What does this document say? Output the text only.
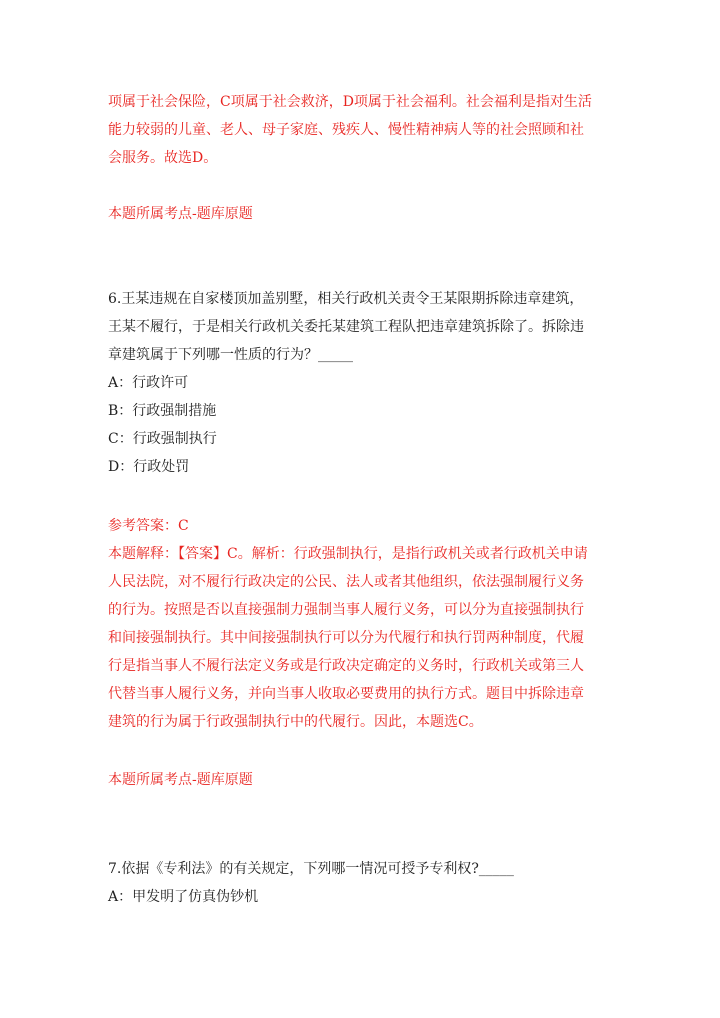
项属于社会保险，C项属于社会救济，D项属于社会福利。社会福利是指对生活
能力较弱的儿童、老人、母子家庭、残疾人、慢性精神病人等的社会照顾和社
会服务。故选D。
本题所属考点-题库原题
6.王某违规在自家楼顶加盖别墅，相关行政机关责令王某限期拆除违章建筑，
王某不履行，于是相关行政机关委托某建筑工程队把违章建筑拆除了。拆除违
章建筑属于下列哪一性质的行为？_____
A：行政许可
B：行政强制措施
C：行政强制执行
D：行政处罚
参考答案：C
本题解释：【答案】C。解析：行政强制执行，是指行政机关或者行政机关申请
人民法院，对不履行行政决定的公民、法人或者其他组织，依法强制履行义务
的行为。按照是否以直接强制力强制当事人履行义务，可以分为直接强制执行
和间接强制执行。其中间接强制执行可以分为代履行和执行罚两种制度，代履
行是指当事人不履行法定义务或是行政决定确定的义务时，行政机关或第三人
代替当事人履行义务，并向当事人收取必要费用的执行方式。题目中拆除违章
建筑的行为属于行政强制执行中的代履行。因此，本题选C。
本题所属考点-题库原题
7.依据《专利法》的有关规定，下列哪一情况可授予专利权?_____
A：甲发明了仿真伪钞机
